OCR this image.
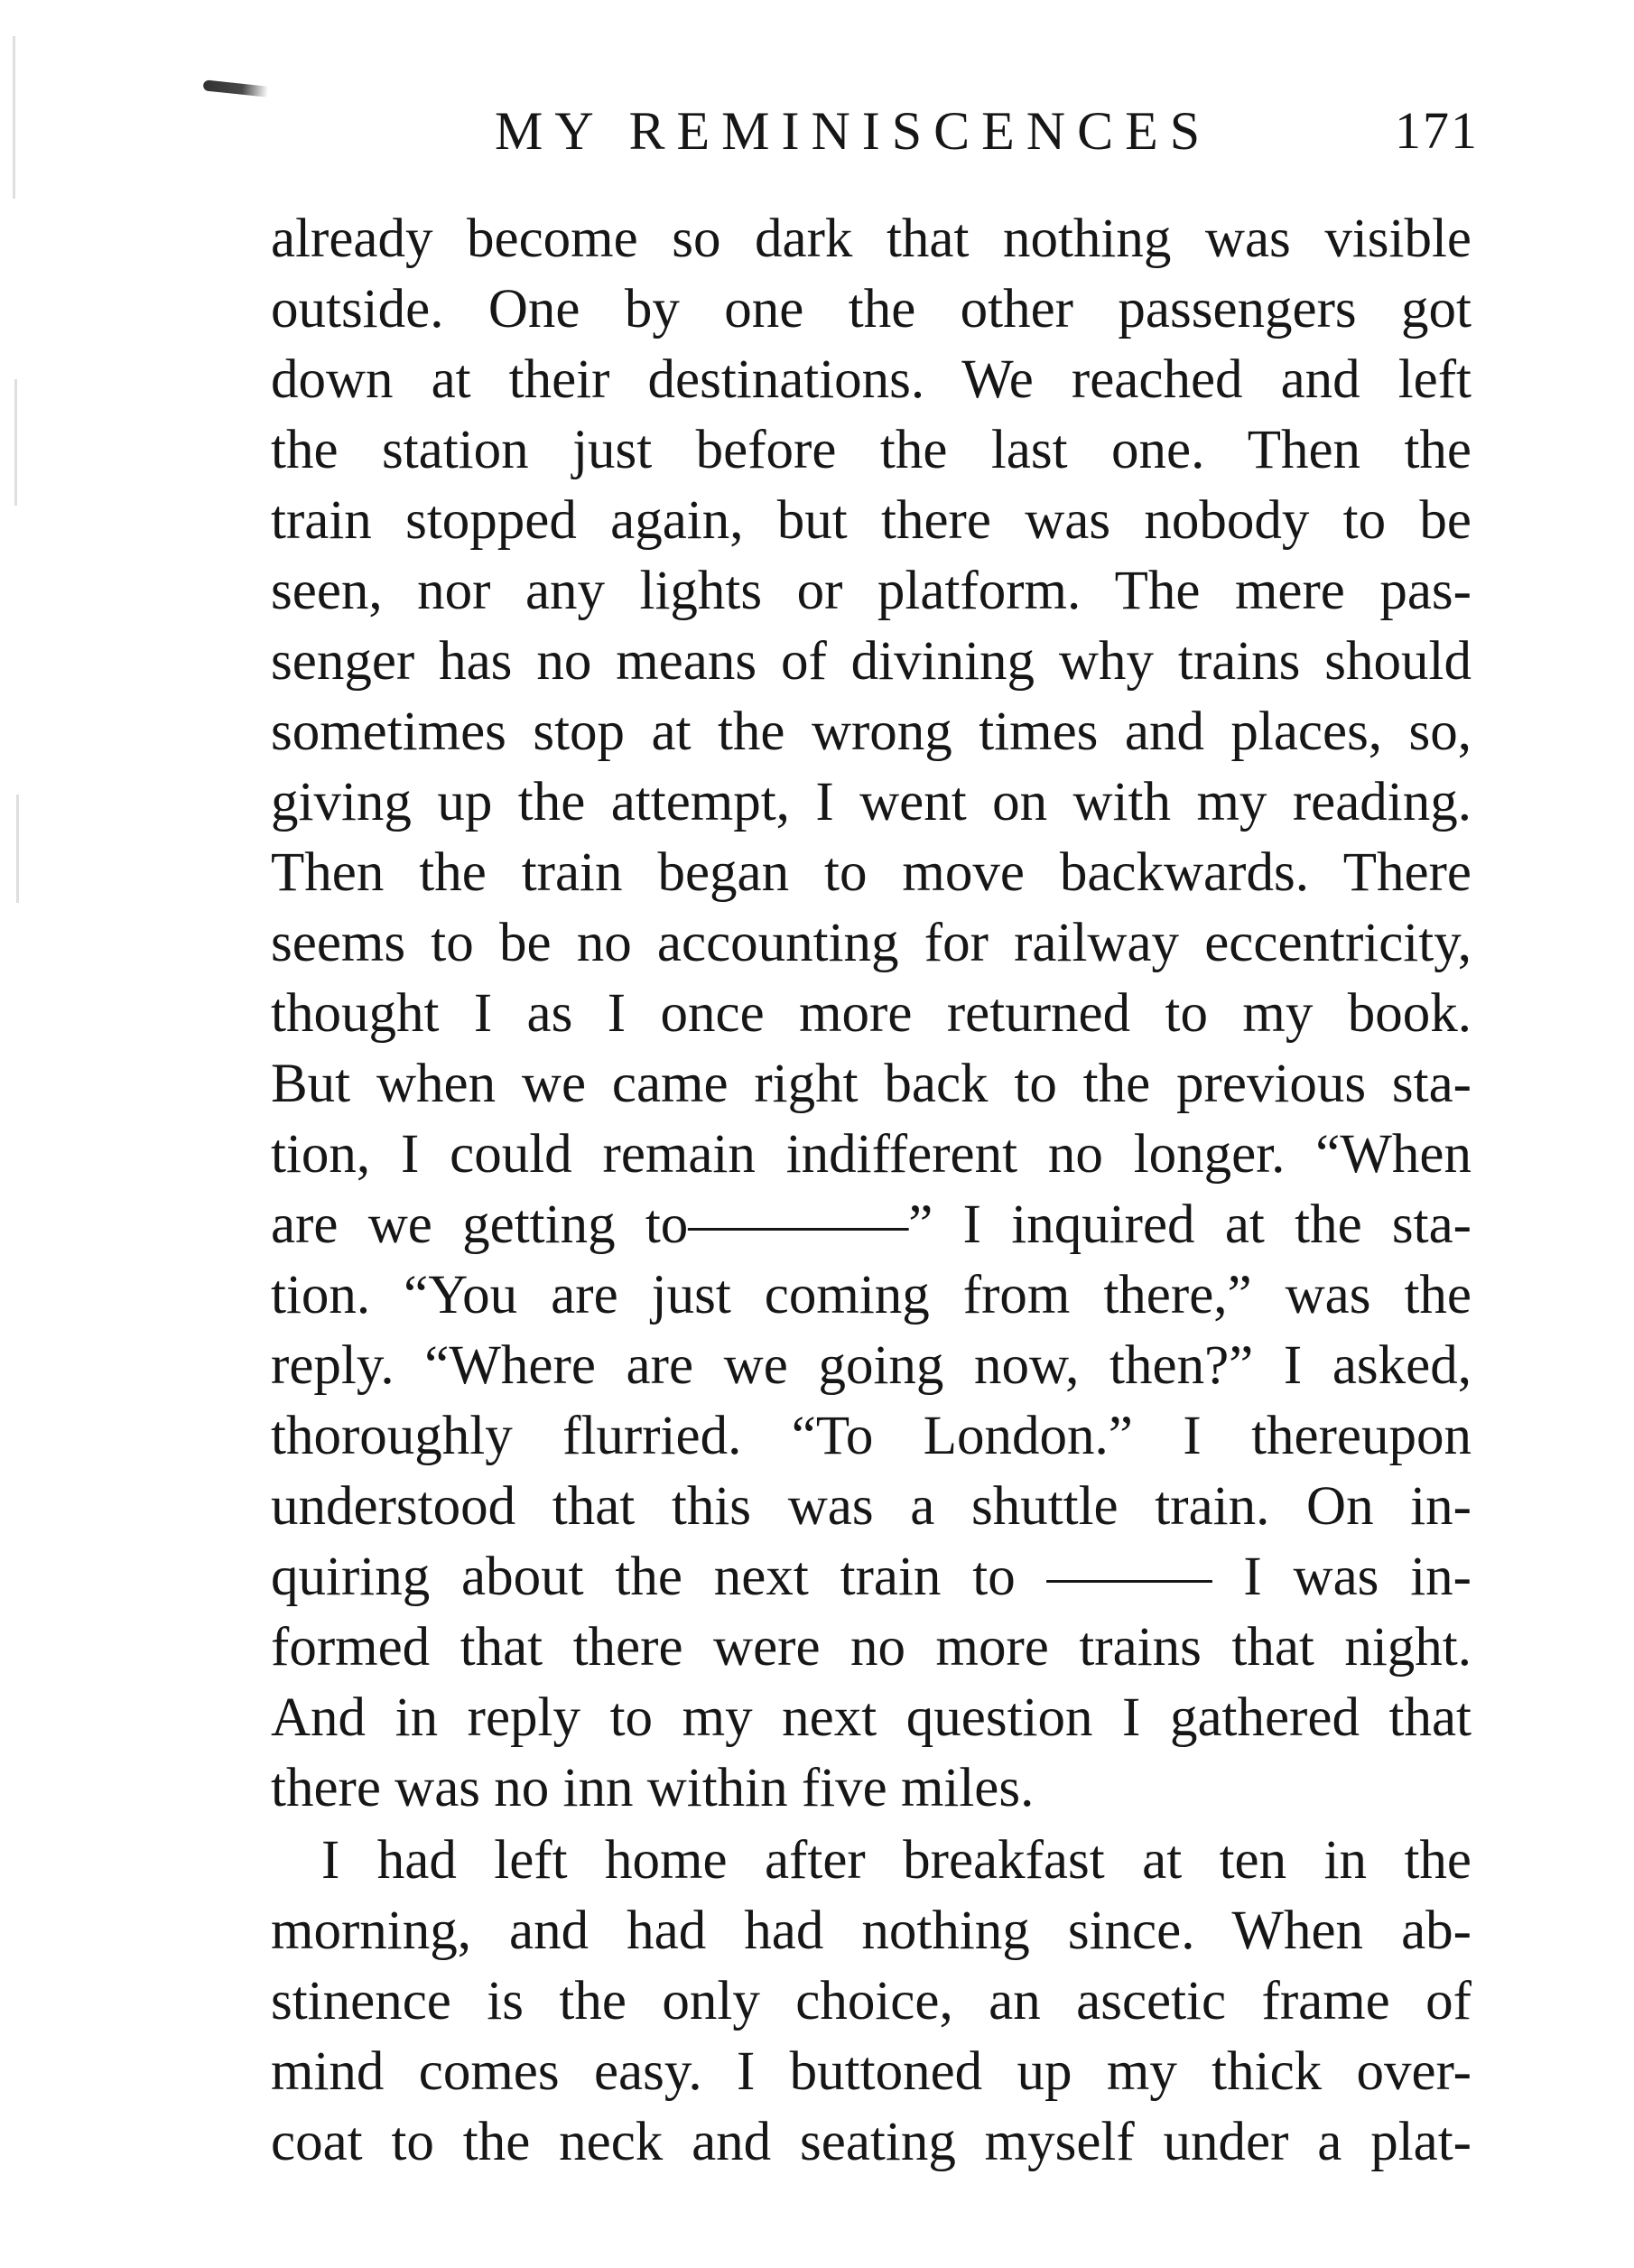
MY REMINISCENCES	171
already become so dark that nothing was visible
outside. One by one the other passengers got
down at their destinations. We reached and left
the station just before the last one. Then the
train stopped again, but there was nobody to be
seen, nor any lights or platform. The mere pas-
senger has no means of divining why trains should
sometimes stop at the wrong times and places, so,
giving up the attempt, I went on with my reading.
Then the train began to move backwards. There
seems to be no accounting for railway eccentricity,
thought I as I once more returned to my book.
But when we came right back to the previous sta-
tion, I could remain indifferent no longer. “When
are we getting to————” I inquired at the sta-
tion. “You are just coming from there,” was the
reply. “Where are we going now, then?” I asked,
thoroughly flurried. “To London.” I thereupon
understood that this was a shuttle train. On in-
quiring about the next train to ——— I was in-
formed that there were no more trains that night.
And in reply to my next question I gathered that
there was no inn within five miles.
I had left home after breakfast at ten in the
morning, and had had nothing since. When ab-
stinence is the only choice, an ascetic frame of
mind comes easy. I buttoned up my thick over-
coat to the neck and seating myself under a plat-
